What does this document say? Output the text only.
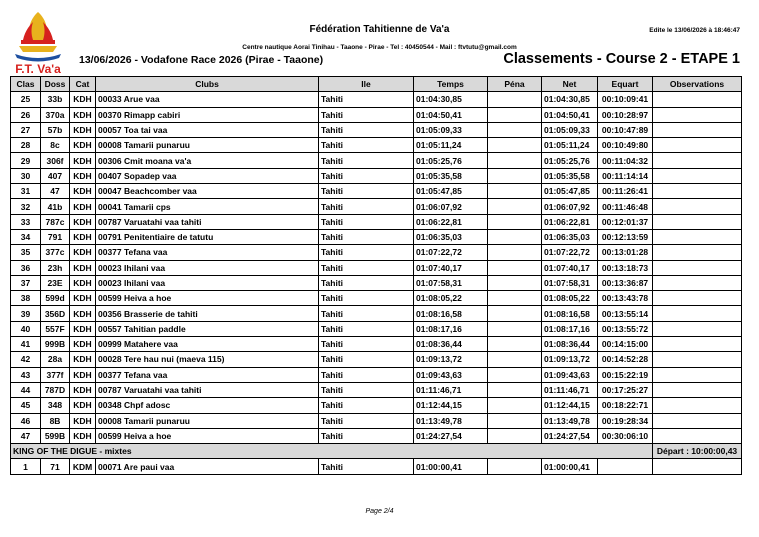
F.T. Va'a
Fédération Tahitienne de Va'a	Edite le 13/06/2026 à 18:46:47
Centre nautique Aorai Tinihau - Taaone - Pirae - Tel : 40450544 - Mail : ftvtutu@gmail.com
13/06/2026 - Vodafone Race 2026 (Pirae - Taaone)	Classements - Course 2 - ETAPE 1
Clas	Doss	Cat	Clubs	Ile	Temps	Péna	Net	Equart	Observations
25	33b	KDH	00033 Arue vaa	Tahiti	01:04:30,85		01:04:30,85	00:10:09:41	
26	370a	KDH	00370 Rimapp cabiri	Tahiti	01:04:50,41		01:04:50,41	00:10:28:97	
27	57b	KDH	00057 Toa tai vaa	Tahiti	01:05:09,33		01:05:09,33	00:10:47:89	
28	8c	KDH	00008 Tamarii punaruu	Tahiti	01:05:11,24		01:05:11,24	00:10:49:80	
29	306f	KDH	00306 Cmit moana va'a	Tahiti	01:05:25,76		01:05:25,76	00:11:04:32	
30	407	KDH	00407 Sopadep vaa	Tahiti	01:05:35,58		01:05:35,58	00:11:14:14	
31	47	KDH	00047 Beachcomber vaa	Tahiti	01:05:47,85		01:05:47,85	00:11:26:41	
32	41b	KDH	00041 Tamarii cps	Tahiti	01:06:07,92		01:06:07,92	00:11:46:48	
33	787c	KDH	00787 Varuatahi vaa tahiti	Tahiti	01:06:22,81		01:06:22,81	00:12:01:37	
34	791	KDH	00791 Penitentiaire de tatutu	Tahiti	01:06:35,03		01:06:35,03	00:12:13:59	
35	377c	KDH	00377 Tefana vaa	Tahiti	01:07:22,72		01:07:22,72	00:13:01:28	
36	23h	KDH	00023 Ihilani vaa	Tahiti	01:07:40,17		01:07:40,17	00:13:18:73	
37	23E	KDH	00023 Ihilani vaa	Tahiti	01:07:58,31		01:07:58,31	00:13:36:87	
38	599d	KDH	00599 Heiva a hoe	Tahiti	01:08:05,22		01:08:05,22	00:13:43:78	
39	356D	KDH	00356 Brasserie de tahiti	Tahiti	01:08:16,58		01:08:16,58	00:13:55:14	
40	557F	KDH	00557 Tahitian paddle	Tahiti	01:08:17,16		01:08:17,16	00:13:55:72	
41	999B	KDH	00999 Matahere vaa	Tahiti	01:08:36,44		01:08:36,44	00:14:15:00	
42	28a	KDH	00028 Tere hau nui (maeva 115)	Tahiti	01:09:13,72		01:09:13,72	00:14:52:28	
43	377f	KDH	00377 Tefana vaa	Tahiti	01:09:43,63		01:09:43,63	00:15:22:19	
44	787D	KDH	00787 Varuatahi vaa tahiti	Tahiti	01:11:46,71		01:11:46,71	00:17:25:27	
45	348	KDH	00348 Chpf adosc	Tahiti	01:12:44,15		01:12:44,15	00:18:22:71	
46	8B	KDH	00008 Tamarii punaruu	Tahiti	01:13:49,78		01:13:49,78	00:19:28:34	
47	599B	KDH	00599 Heiva a hoe	Tahiti	01:24:27,54		01:24:27,54	00:30:06:10	
KING OF THE DIGUE - mixtes									Départ : 10:00:00,43
1	71	KDM	00071 Are paui vaa	Tahiti	01:00:00,41		01:00:00,41		
Page 2/4
